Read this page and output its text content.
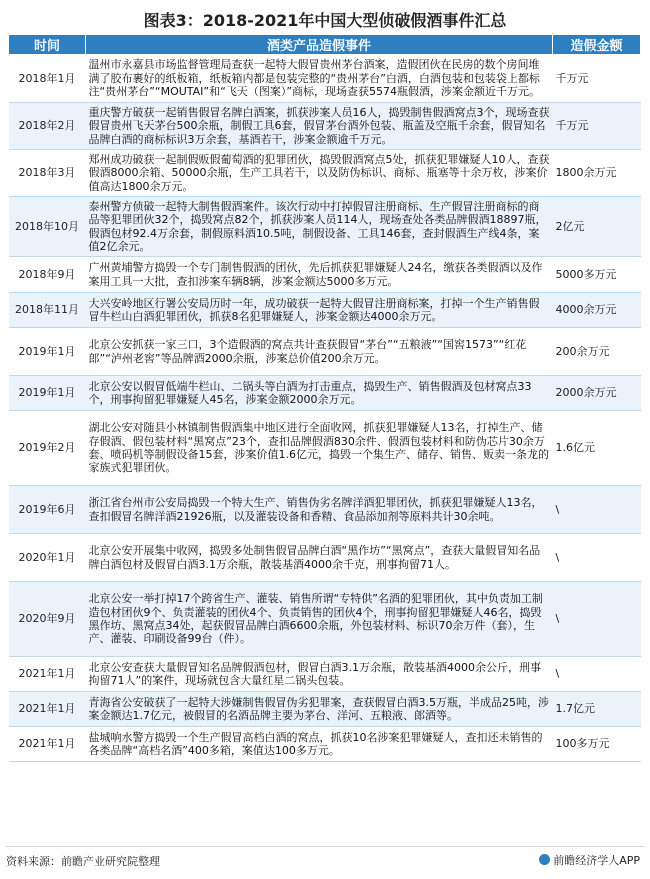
图表3：2018-2021年中国大型侦破假酒事件汇总
时间	酒类产品造假事件	造假金额
2018年1月	温州市永嘉县市场监督管理局查获一起特大假冒贵州茅台酒案，造假团伙在民房的数个房间堆满了胶布裹好的纸板箱，纸板箱内都是包装完整的“贵州茅台”白酒，白酒包装和包装袋上都标注“贵州茅台”“MOUTAI”和“飞天（图案）”商标，现场查获5574瓶假酒，涉案金额近千万元。	千万元
2018年2月	重庆警方破获一起销售假冒名牌白酒案，抓获涉案人员16人，捣毁制售假酒窝点3个，现场查获假冒贵州飞天茅台500余瓶，制假工具6套，假冒茅台酒外包装、瓶盖及空瓶千余套，假冒知名品牌白酒的商标标识3万余套，基酒若干，涉案金额逾千万元。	千万元
2018年3月	郑州成功破获一起制假贩假葡萄酒的犯罪团伙，捣毁假酒窝点5处，抓获犯罪嫌疑人10人，查获假酒8000余箱、50000余瓶，生产工具若干，以及防伪标识、商标、瓶塞等十余万枚，涉案价值高达1800余万元。	1800余万元
2018年10月	泰州警方侦破一起特大制售假酒案件。该次行动中打掉假冒注册商标、生产假冒注册商标的商品等犯罪团伙32个，捣毁窝点82个，抓获涉案人员114人，现场查处各类品牌假酒18897瓶，假酒包材92.4万余套，制假原料酒10.5吨，制假设备、工具146套，查封假酒生产线4条，案值2亿余元。	2亿元
2018年9月	广州黄埔警方捣毁一个专门制售假酒的团伙，先后抓获犯罪嫌疑人24名，缴获各类假酒以及作案用工具一大批，查扣涉案车辆8辆，涉案金额达5000多万元。	5000多万元
2018年11月	大兴安岭地区行署公安局历时一年，成功破获一起特大假冒注册商标案，打掉一个生产销售假冒牛栏山白酒犯罪团伙，抓获8名犯罪嫌疑人，涉案金额达4000余万元。	4000余万元
2019年1月	北京公安抓获一家三口，3个造假酒的窝点共计查获假冒“茅台”“五粮液”“国窖1573”“红花郎”“泸州老窖”等品牌酒2000余瓶，涉案总价值200余万元。	200余万元
2019年1月	北京公安以假冒低端牛栏山、二锅头等白酒为打击重点，捣毁生产、销售假酒及包材窝点33个，刑事拘留犯罪嫌疑人45名，涉案金额2000余万元。	2000余万元
2019年2月	湖北公安对随县小林镇制售假酒集中地区进行全面收网，抓获犯罪嫌疑人13名，打掉生产、储存假酒、假包装材料“黑窝点”23个，查扣品牌假酒830余件、假酒包装材料和防伪芯片30余万套、喷码机等制假设备15套，涉案价值1.6亿元，捣毁一个集生产、储存、销售、贩卖一条龙的家族式犯罪团伙。	1.6亿元
2019年6月	浙江省台州市公安局捣毁一个特大生产、销售伪劣名牌洋酒犯罪团伙，抓获犯罪嫌疑人13名，查扣假冒名牌洋酒21926瓶，以及灌装设备和香精、食品添加剂等原料共计30余吨。	\
2020年1月	北京公安开展集中收网，捣毁多处制售假冒品牌白酒“黑作坊”“黑窝点”，查获大量假冒知名品牌白酒包材及假冒白酒3.1万余瓶，散装基酒4000余千克，刑事拘留71人。	\
2020年9月	北京公安一举打掉17个跨省生产、灌装、销售所谓“专特供”名酒的犯罪团伙，其中负责加工制造包材团伙9个、负责灌装的团伙4个、负责销售的团伙4个，刑事拘留犯罪嫌疑人46名，捣毁黑作坊、黑窝点34处，起获假冒品牌白酒6600余瓶，外包装材料、标识70余万件（套），生产、灌装、印刷设备99台（件）。	\
2021年1月	北京公安查获大量假冒知名品牌假酒包材，假冒白酒3.1万余瓶，散装基酒4000余公斤，刑事拘留71人”的案件，现场就包含大量红星二锅头包装。	\
2021年1月	青海省公安破获了一起特大涉嫌制售假冒伪劣犯罪案，查获假冒白酒3.5万瓶，半成品25吨，涉案金额达1.7亿元，被假冒的名酒品牌主要为茅台、洋河、五粮液、郎酒等。	1.7亿元
2021年1月	盐城响水警方捣毁一个生产假冒高档白酒的窝点，抓获10名涉案犯罪嫌疑人，查扣还未销售的各类品牌“高档名酒”400多箱，案值达100多万元。	100多万元
资料来源：前瞻产业研究院整理	前瞻经济学人APP
